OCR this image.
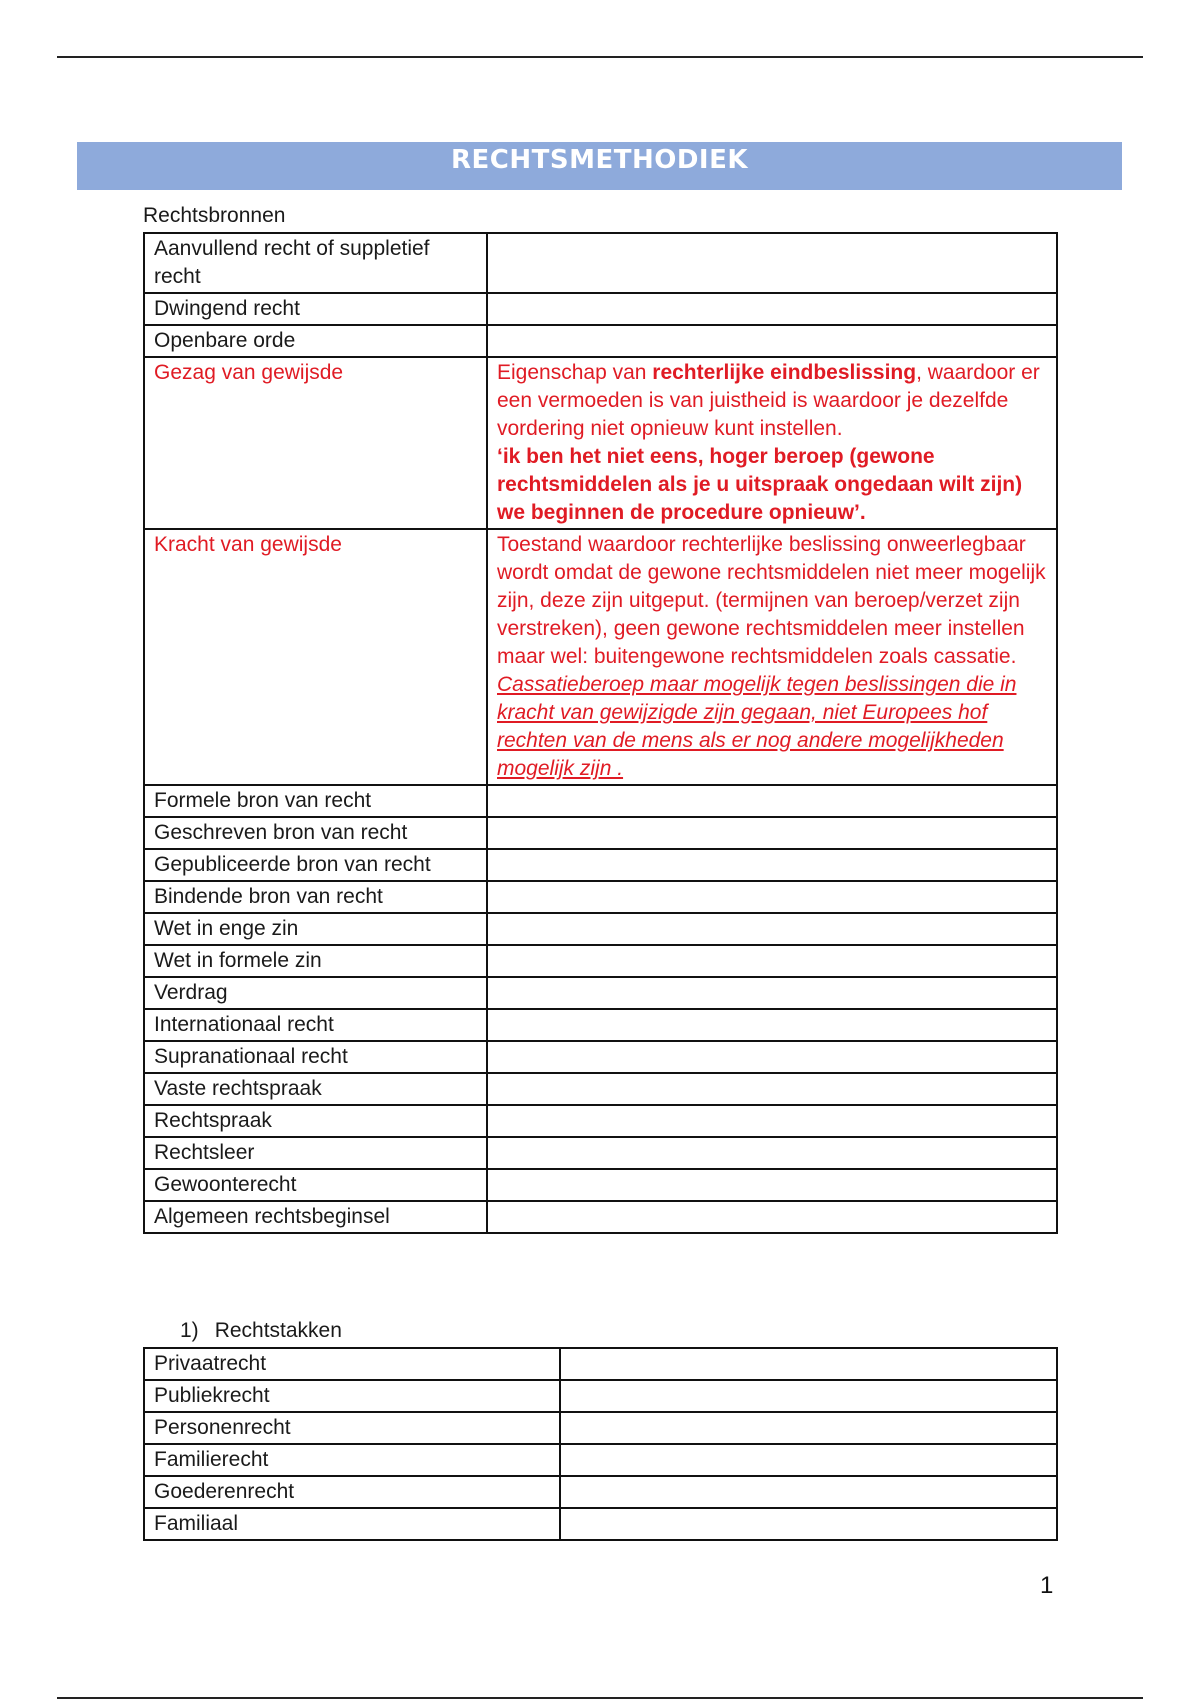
RECHTSMETHODIEK
Rechtsbronnen
Aanvullend recht of suppletief recht	
Dwingend recht	
Openbare orde	
Gezag van gewijsde	Eigenschap van rechterlijke eindbeslissing, waardoor er een vermoeden is van juistheid is waardoor je dezelfde vordering niet opnieuw kunt instellen.
‘ik ben het niet eens, hoger beroep (gewone rechtsmiddelen als je u uitspraak ongedaan wilt zijn) we beginnen de procedure opnieuw’.
Kracht van gewijsde	Toestand waardoor rechterlijke beslissing onweerlegbaar wordt omdat de gewone rechtsmiddelen niet meer mogelijk zijn, deze zijn uitgeput. (termijnen van beroep/verzet zijn verstreken), geen gewone rechtsmiddelen meer instellen maar wel: buitengewone rechtsmiddelen zoals cassatie. Cassatieberoep maar mogelijk tegen beslissingen die in kracht van gewijzigde zijn gegaan, niet Europees hof rechten van de mens als er nog andere mogelijkheden mogelijk zijn .
Formele bron van recht	
Geschreven bron van recht	
Gepubliceerde bron van recht	
Bindende bron van recht	
Wet in enge zin	
Wet in formele zin	
Verdrag	
Internationaal recht	
Supranationaal recht	
Vaste rechtspraak	
Rechtspraak	
Rechtsleer	
Gewoonterecht	
Algemeen rechtsbeginsel	
1) Rechtstakken
Privaatrecht	
Publiekrecht	
Personenrecht	
Familierecht	
Goederenrecht	
Familiaal	
1
